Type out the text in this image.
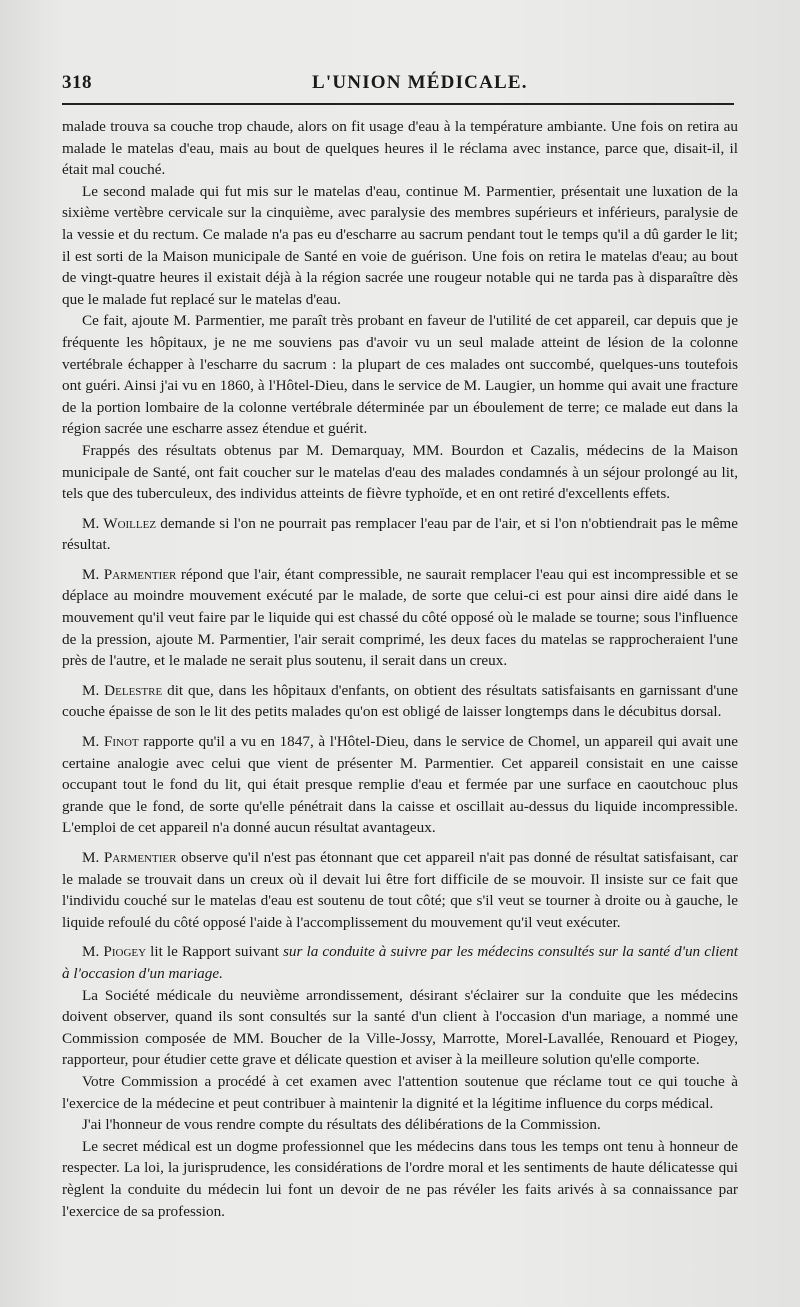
318	L'UNION MÉDICALE.

malade trouva sa couche trop chaude, alors on fit usage d'eau à la température ambiante. Une fois on retira au malade le matelas d'eau, mais au bout de quelques heures il le réclama avec instance, parce que, disait-il, il était mal couché.

Le second malade qui fut mis sur le matelas d'eau, continue M. Parmentier, présentait une luxation de la sixième vertèbre cervicale sur la cinquième, avec paralysie des membres supérieurs et inférieurs, paralysie de la vessie et du rectum. Ce malade n'a pas eu d'escharre au sacrum pendant tout le temps qu'il a dû garder le lit; il est sorti de la Maison municipale de Santé en voie de guérison. Une fois on retira le matelas d'eau; au bout de vingt-quatre heures il existait déjà à la région sacrée une rougeur notable qui ne tarda pas à disparaître dès que le malade fut replacé sur le matelas d'eau.

Ce fait, ajoute M. Parmentier, me paraît très probant en faveur de l'utilité de cet appareil, car depuis que je fréquente les hôpitaux, je ne me souviens pas d'avoir vu un seul malade atteint de lésion de la colonne vertébrale échapper à l'escharre du sacrum : la plupart de ces malades ont succombé, quelques-uns toutefois ont guéri. Ainsi j'ai vu en 1860, à l'Hôtel-Dieu, dans le service de M. Laugier, un homme qui avait une fracture de la portion lombaire de la colonne vertébrale déterminée par un éboulement de terre; ce malade eut dans la région sacrée une escharre assez étendue et guérit.

Frappés des résultats obtenus par M. Demarquay, MM. Bourdon et Cazalis, médecins de la Maison municipale de Santé, ont fait coucher sur le matelas d'eau des malades condamnés à un séjour prolongé au lit, tels que des tuberculeux, des individus atteints de fièvre typhoïde, et en ont retiré d'excellents effets.

M. Woillez demande si l'on ne pourrait pas remplacer l'eau par de l'air, et si l'on n'obtiendrait pas le même résultat.

M. Parmentier répond que l'air, étant compressible, ne saurait remplacer l'eau qui est incompressible et se déplace au moindre mouvement exécuté par le malade, de sorte que celui-ci est pour ainsi dire aidé dans le mouvement qu'il veut faire par le liquide qui est chassé du côté opposé où le malade se tourne; sous l'influence de la pression, ajoute M. Parmentier, l'air serait comprimé, les deux faces du matelas se rapprocheraient l'une près de l'autre, et le malade ne serait plus soutenu, il serait dans un creux.

M. Delestre dit que, dans les hôpitaux d'enfants, on obtient des résultats satisfaisants en garnissant d'une couche épaisse de son le lit des petits malades qu'on est obligé de laisser longtemps dans le décubitus dorsal.

M. Finot rapporte qu'il a vu en 1847, à l'Hôtel-Dieu, dans le service de Chomel, un appareil qui avait une certaine analogie avec celui que vient de présenter M. Parmentier. Cet appareil consistait en une caisse occupant tout le fond du lit, qui était presque remplie d'eau et fermée par une surface en caoutchouc plus grande que le fond, de sorte qu'elle pénétrait dans la caisse et oscillait au-dessus du liquide incompressible. L'emploi de cet appareil n'a donné aucun résultat avantageux.

M. Parmentier observe qu'il n'est pas étonnant que cet appareil n'ait pas donné de résultat satisfaisant, car le malade se trouvait dans un creux où il devait lui être fort difficile de se mouvoir. Il insiste sur ce fait que l'individu couché sur le matelas d'eau est soutenu de tout côté; que s'il veut se tourner à droite ou à gauche, le liquide refoulé du côté opposé l'aide à l'accomplissement du mouvement qu'il veut exécuter.

M. Piogey lit le Rapport suivant sur la conduite à suivre par les médecins consultés sur la santé d'un client à l'occasion d'un mariage.

La Société médicale du neuvième arrondissement, désirant s'éclairer sur la conduite que les médecins doivent observer, quand ils sont consultés sur la santé d'un client à l'occasion d'un mariage, a nommé une Commission composée de MM. Boucher de la Ville-Jossy, Marrotte, Morel-Lavallée, Renouard et Piogey, rapporteur, pour étudier cette grave et délicate question et aviser à la meilleure solution qu'elle comporte.

Votre Commission a procédé à cet examen avec l'attention soutenue que réclame tout ce qui touche à l'exercice de la médecine et peut contribuer à maintenir la dignité et la légitime influence du corps médical.

J'ai l'honneur de vous rendre compte du résultats des délibérations de la Commission.

Le secret médical est un dogme professionnel que les médecins dans tous les temps ont tenu à honneur de respecter. La loi, la jurisprudence, les considérations de l'ordre moral et les sentiments de haute délicatesse qui règlent la conduite du médecin lui font un devoir de ne pas révéler les faits arivés à sa connaissance par l'exercice de sa profession.
